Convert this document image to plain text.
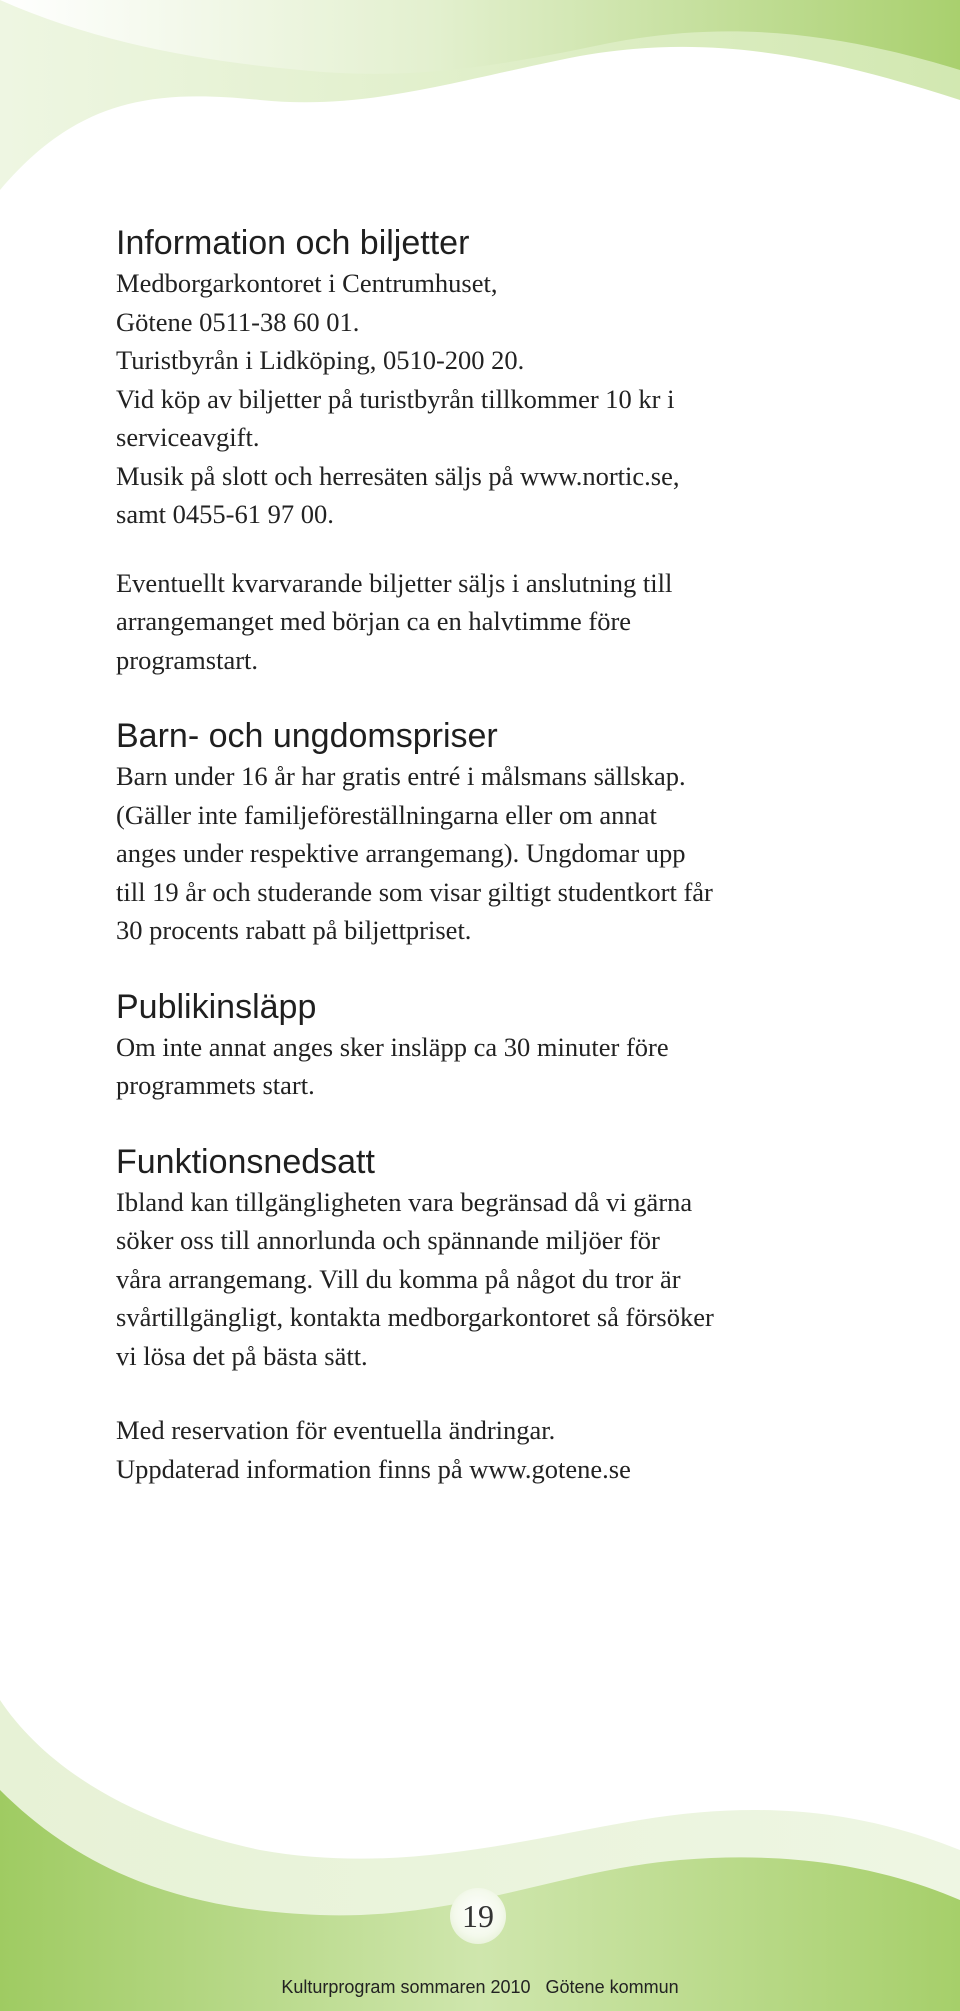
Information och biljetter
Medborgarkontoret i Centrumhuset,
Götene 0511-38 60 01.
Turistbyrån i Lidköping, 0510-200 20.
Vid köp av biljetter på turistbyrån tillkommer 10 kr i
serviceavgift.
Musik på slott och herresäten säljs på www.nortic.se,
samt 0455-61 97 00.
Eventuellt kvarvarande biljetter säljs i anslutning till
arrangemanget med början ca en halvtimme före
programstart.
Barn- och ungdomspriser
Barn under 16 år har gratis entré i målsmans sällskap.
(Gäller inte familjeföreställningarna eller om annat
anges under respektive arrangemang). Ungdomar upp
till 19 år och studerande som visar giltigt studentkort får
30 procents rabatt på biljettpriset.
Publikinsläpp
Om inte annat anges sker insläpp ca 30 minuter före
programmets start.
Funktionsnedsatt
Ibland kan tillgängligheten vara begränsad då vi gärna
söker oss till annorlunda och spännande miljöer för
våra arrangemang. Vill du komma på något du tror är
svårtillgängligt, kontakta medborgarkontoret så försöker
vi lösa det på bästa sätt.
Med reservation för eventuella ändringar.
Uppdaterad information finns på www.gotene.se
19
Kulturprogram sommaren 2010 Götene kommun
